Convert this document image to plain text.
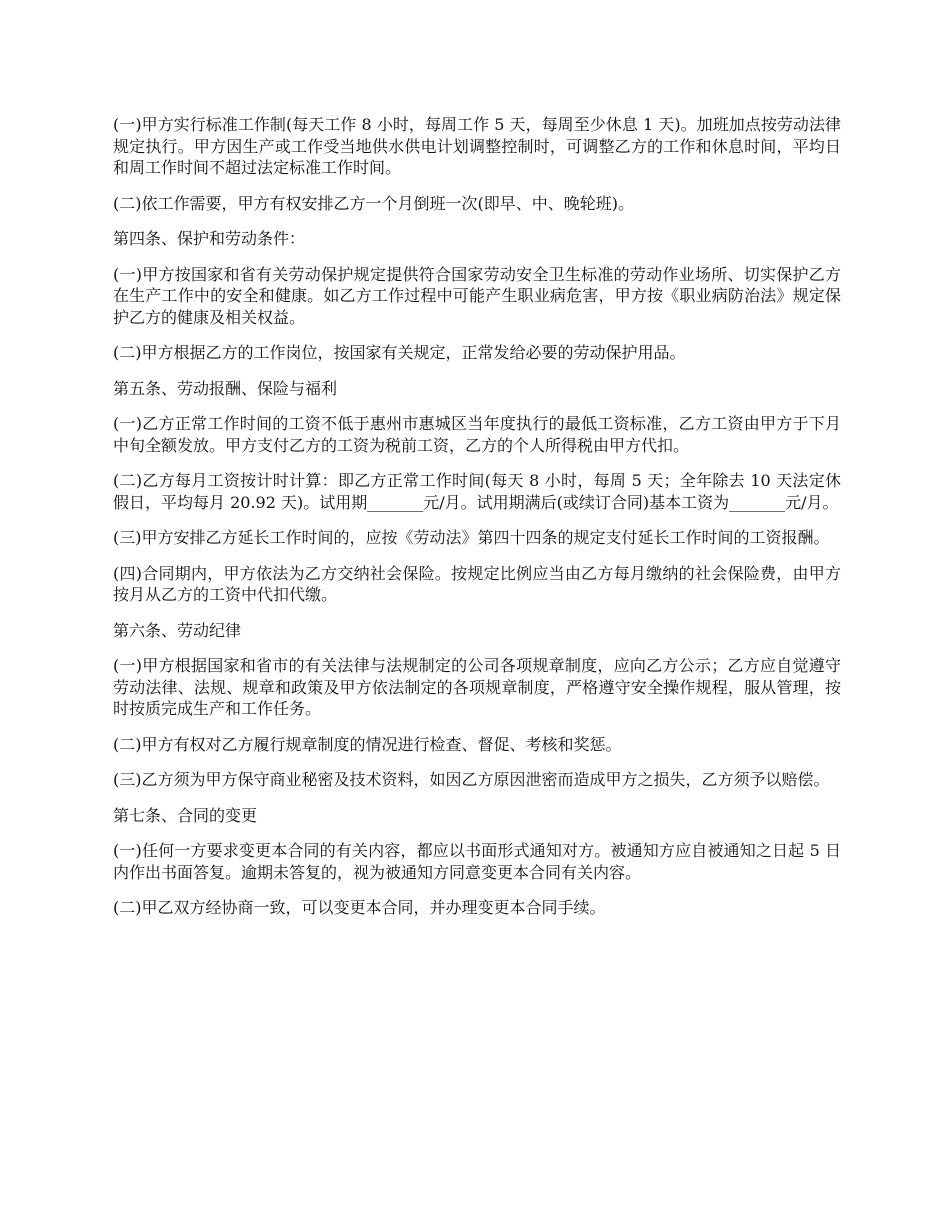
(一)甲方实行标准工作制(每天工作 8 小时，每周工作 5 天，每周至少休息 1 天)。加班加点按劳动法律规定执行。甲方因生产或工作受当地供水供电计划调整控制时，可调整乙方的工作和休息时间，平均日和周工作时间不超过法定标准工作时间。

(二)依工作需要，甲方有权安排乙方一个月倒班一次(即早、中、晚轮班)。

第四条、保护和劳动条件：

(一)甲方按国家和省有关劳动保护规定提供符合国家劳动安全卫生标准的劳动作业场所、切实保护乙方在生产工作中的安全和健康。如乙方工作过程中可能产生职业病危害，甲方按《职业病防治法》规定保护乙方的健康及相关权益。

(二)甲方根据乙方的工作岗位，按国家有关规定，正常发给必要的劳动保护用品。

第五条、劳动报酬、保险与福利

(一)乙方正常工作时间的工资不低于惠州市惠城区当年度执行的最低工资标准，乙方工资由甲方于下月中旬全额发放。甲方支付乙方的工资为税前工资，乙方的个人所得税由甲方代扣。

(二)乙方每月工资按计时计算：即乙方正常工作时间(每天 8 小时，每周 5 天；全年除去 10 天法定休假日，平均每月 20.92 天)。试用期_______元/月。试用期满后(或续订合同)基本工资为_______元/月。

(三)甲方安排乙方延长工作时间的，应按《劳动法》第四十四条的规定支付延长工作时间的工资报酬。

(四)合同期内，甲方依法为乙方交纳社会保险。按规定比例应当由乙方每月缴纳的社会保险费，由甲方按月从乙方的工资中代扣代缴。

第六条、劳动纪律

(一)甲方根据国家和省市的有关法律与法规制定的公司各项规章制度，应向乙方公示；乙方应自觉遵守劳动法律、法规、规章和政策及甲方依法制定的各项规章制度，严格遵守安全操作规程，服从管理，按时按质完成生产和工作任务。

(二)甲方有权对乙方履行规章制度的情况进行检查、督促、考核和奖惩。

(三)乙方须为甲方保守商业秘密及技术资料，如因乙方原因泄密而造成甲方之损失，乙方须予以赔偿。

第七条、合同的变更

(一)任何一方要求变更本合同的有关内容，都应以书面形式通知对方。被通知方应自被通知之日起 5 日内作出书面答复。逾期未答复的，视为被通知方同意变更本合同有关内容。

(二)甲乙双方经协商一致，可以变更本合同，并办理变更本合同手续。
